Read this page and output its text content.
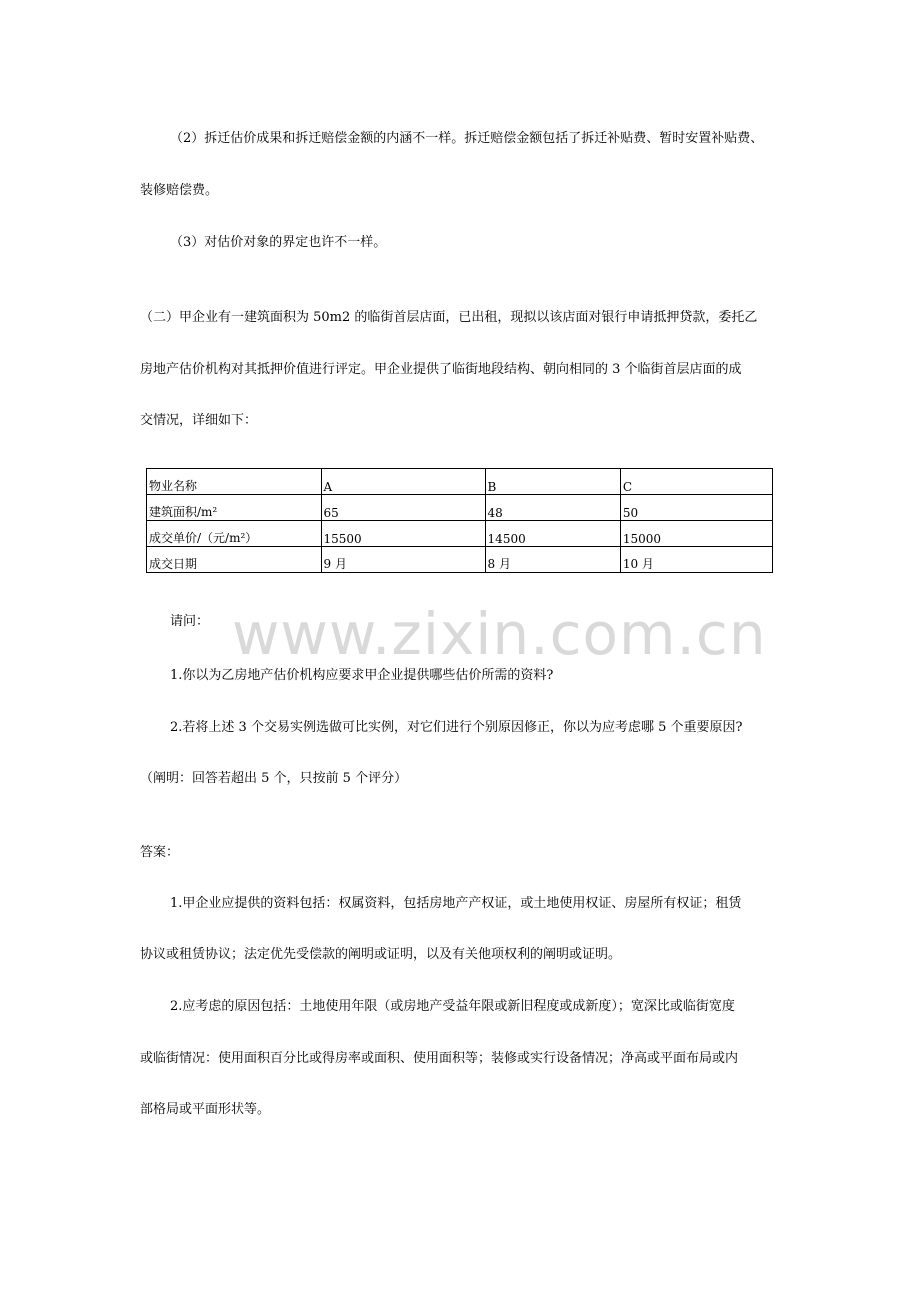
www.zixin.com.cn
（2）拆迁估价成果和拆迁赔偿金额的内涵不一样。拆迁赔偿金额包括了拆迁补贴费、暂时安置补贴费、
装修赔偿费。
（3）对估价对象的界定也许不一样。
（二）甲企业有一建筑面积为 50m2 的临街首层店面，已出租，现拟以该店面对银行申请抵押贷款，委托乙
房地产估价机构对其抵押价值进行评定。甲企业提供了临街地段结构、朝向相同的 3 个临街首层店面的成
交情况，详细如下：
物业名称	A	B	C
建筑面积/m²	65	48	50
成交单价/（元/m²）	15500	14500	15000
成交日期	9 月	8 月	10 月
请问：
1.你以为乙房地产估价机构应要求甲企业提供哪些估价所需的资料?
2.若将上述 3 个交易实例选做可比实例，对它们进行个别原因修正，你以为应考虑哪 5 个重要原因?
（阐明：回答若超出 5 个，只按前 5 个评分）
答案：
1.甲企业应提供的资料包括：权属资料，包括房地产产权证，或土地使用权证、房屋所有权证；租赁
协议或租赁协议；法定优先受偿款的阐明或证明，以及有关他项权利的阐明或证明。
2.应考虑的原因包括：土地使用年限（或房地产受益年限或新旧程度或成新度）；宽深比或临街宽度
或临街情况：使用面积百分比或得房率或面积、使用面积等；装修或实行设备情况；净高或平面布局或内
部格局或平面形状等。
